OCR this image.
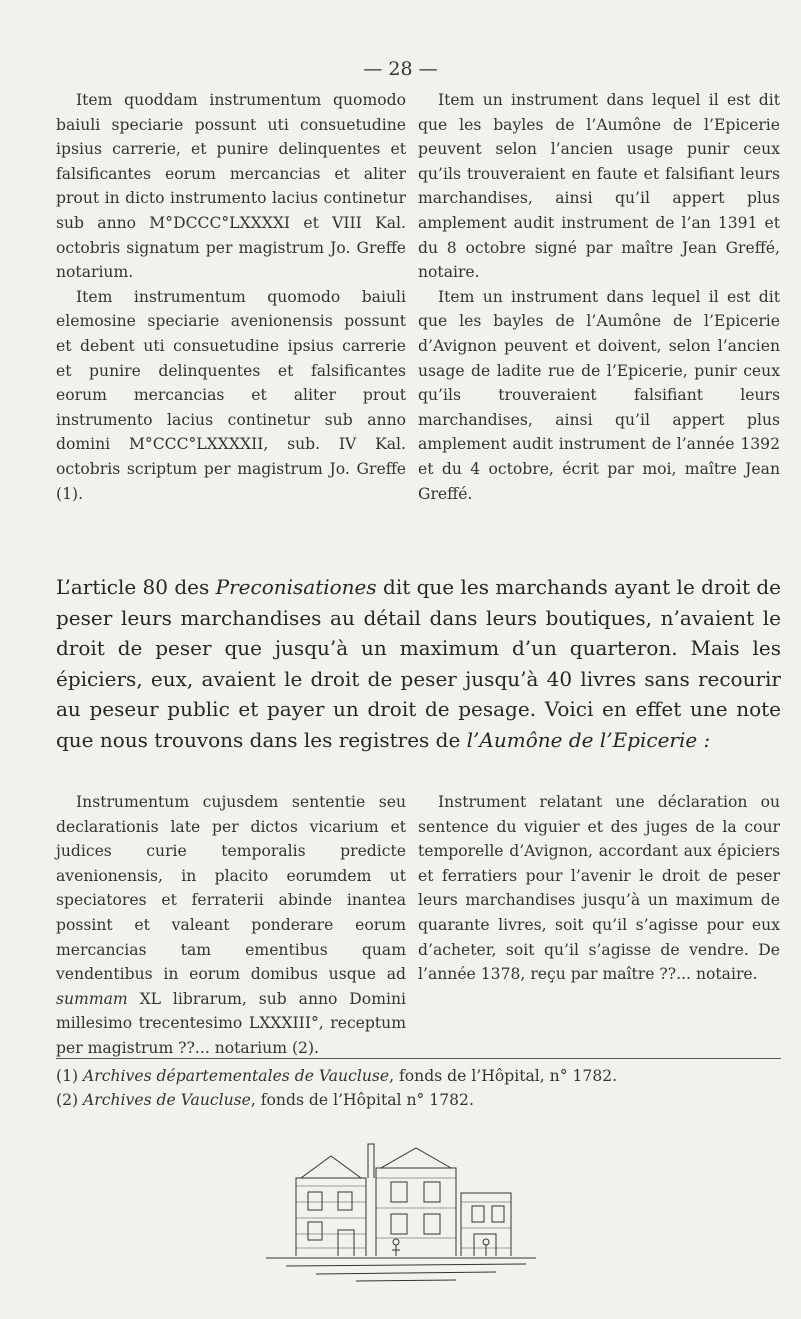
— 28 —

Item quoddam instrumentum quomodo baiuli speciarie possunt uti consuetudine ipsius carrerie, et punire delinquentes et falsificantes eorum mercancias et aliter prout in dicto instrumento lacius continetur sub anno M°DCCC°LXXXXI et VIII Kal. octobris signatum per magistrum Jo. Greffe notarium.

Item instrumentum quomodo baiuli elemosine speciarie avenionensis possunt et debent uti consuetudine ipsius carrerie et punire delinquentes et falsificantes eorum mercancias et aliter prout instrumento lacius continetur sub anno domini M°CCC°LXXXXII, sub. IV Kal. octobris scriptum per magistrum Jo. Greffe (1).

Item un instrument dans lequel il est dit que les bayles de l’Aumône de l’Epicerie peuvent selon l’ancien usage punir ceux qu’ils trouveraient en faute et falsifiant leurs marchandises, ainsi qu’il appert plus amplement audit instrument de l’an 1391 et du 8 octobre signé par maître Jean Greffé, notaire.

Item un instrument dans lequel il est dit que les bayles de l’Aumône de l’Epicerie d’Avignon peuvent et doivent, selon l’ancien usage de ladite rue de l’Epicerie, punir ceux qu’ils trouveraient falsifiant leurs marchandises, ainsi qu’il appert plus amplement audit instrument de l’année 1392 et du 4 octobre, écrit par moi, maître Jean Greffé.

L’article 80 des Preconisationes dit que les marchands ayant le droit de peser leurs marchandises au détail dans leurs boutiques, n’avaient le droit de peser que jusqu’à un maximum d’un quarteron. Mais les épiciers, eux, avaient le droit de peser jusqu’à 40 livres sans recourir au peseur public et payer un droit de pesage. Voici en effet une note que nous trouvons dans les registres de l’Aumône de l’Epicerie :

Instrumentum cujusdem sententie seu declarationis late per dictos vicarium et judices curie temporalis predicte avenionensis, in placito eorumdem ut speciatores et ferraterii abinde inantea possint et valeant ponderare eorum mercancias tam ementibus quam vendentibus in eorum domibus usque ad summam XL librarum, sub anno Domini millesimo trecentesimo LXXXIII°, receptum per magistrum ??... notarium (2).

Instrument relatant une déclaration ou sentence du viguier et des juges de la cour temporelle d’Avignon, accordant aux épiciers et ferratiers pour l’avenir le droit de peser leurs marchandises jusqu’à un maximum de quarante livres, soit qu’il s’agisse pour eux d’acheter, soit qu’il s’agisse de vendre. De l’année 1378, reçu par maître ??... notaire.

(1) Archives départementales de Vaucluse, fonds de l’Hôpital, n° 1782.
(2) Archives de Vaucluse, fonds de l’Hôpital n° 1782.
